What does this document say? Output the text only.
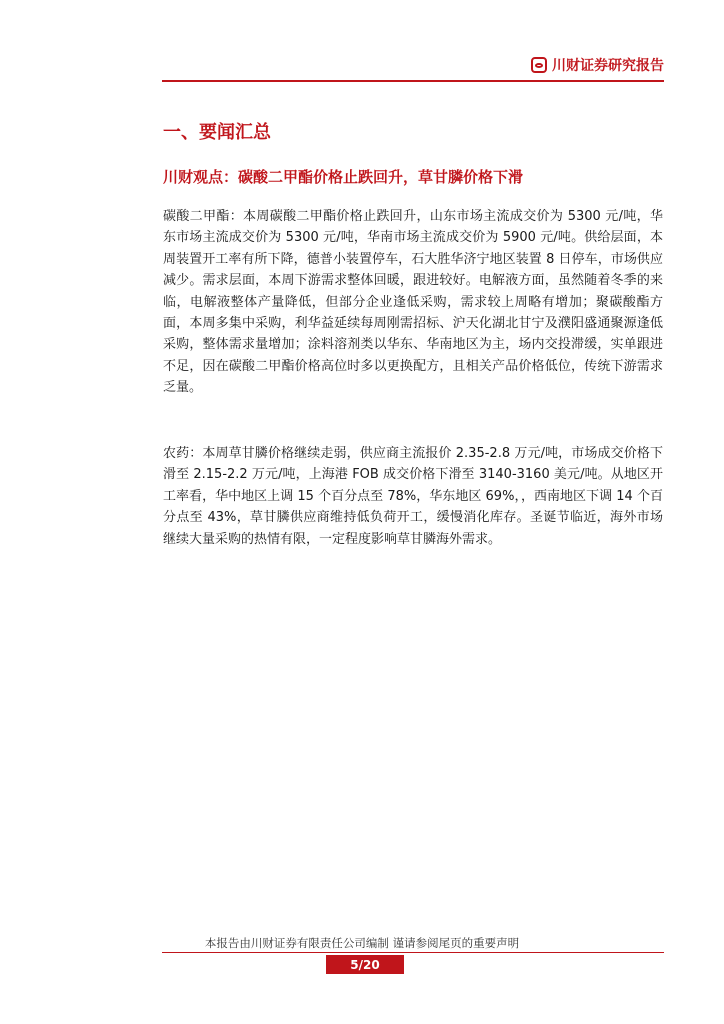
川财证券研究报告
一、要闻汇总
川财观点：碳酸二甲酯价格止跌回升，草甘膦价格下滑

碳酸二甲酯：本周碳酸二甲酯价格止跌回升，山东市场主流成交价为 5300 元/吨，华东市场主流成交价为 5300 元/吨，华南市场主流成交价为 5900 元/吨。供给层面，本周装置开工率有所下降，德普小装置停车，石大胜华济宁地区装置 8 日停车，市场供应减少。需求层面，本周下游需求整体回暖，跟进较好。电解液方面，虽然随着冬季的来临，电解液整体产量降低，但部分企业逢低采购，需求较上周略有增加；聚碳酸酯方面，本周多集中采购，利华益延续每周刚需招标、沪天化湖北甘宁及濮阳盛通聚源逢低采购，整体需求量增加；涂料溶剂类以华东、华南地区为主，场内交投滞缓，实单跟进不足，因在碳酸二甲酯价格高位时多以更换配方，且相关产品价格低位，传统下游需求乏量。

农药：本周草甘膦价格继续走弱，供应商主流报价 2.35-2.8 万元/吨，市场成交价格下滑至 2.15-2.2 万元/吨，上海港 FOB 成交价格下滑至 3140-3160 美元/吨。从地区开工率看，华中地区上调 15 个百分点至 78%，华东地区 69%，，西南地区下调 14 个百分点至 43%，草甘膦供应商维持低负荷开工，缓慢消化库存。圣诞节临近，海外市场继续大量采购的热情有限，一定程度影响草甘膦海外需求。

本报告由川财证券有限责任公司编制 谨请参阅尾页的重要声明
5/20
